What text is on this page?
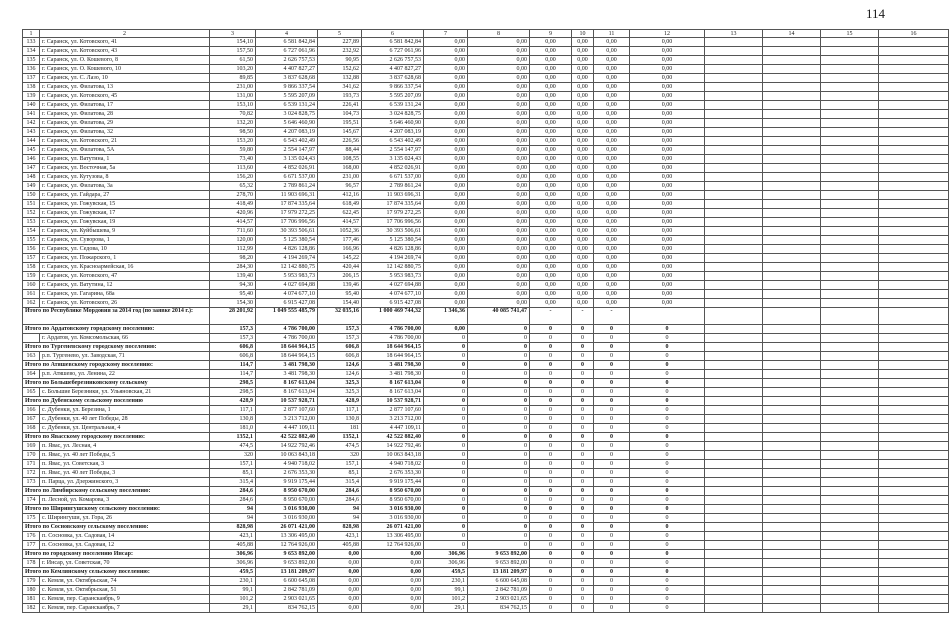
114
1	2	3	4	5	6	7	8	9	10	11	12	13	14	15	16
133	г. Саранск, ул. Котовского, 41	154,10	6 581 842,84	227,89	6 581 842,84	0,00	0,00	0,00	0,00	0,00	0,00				
134	г. Саранск, ул. Котовского, 43	157,50	6 727 061,96	232,92	6 727 061,96	0,00	0,00	0,00	0,00	0,00	0,00				
135	г. Саранск, ул. О. Кошевого, 8	61,50	2 626 757,53	90,95	2 626 757,53	0,00	0,00	0,00	0,00	0,00	0,00				
136	г. Саранск, ул. О. Кошевого, 10	103,20	4 407 827,27	152,62	4 407 827,27	0,00	0,00	0,00	0,00	0,00	0,00				
137	г. Саранск, ул. С. Лазо, 10	89,85	3 837 628,68	132,88	3 837 628,68	0,00	0,00	0,00	0,00	0,00	0,00				
138	г. Саранск, ул. Филатова, 13	231,00	9 866 337,54	341,62	9 866 337,54	0,00	0,00	0,00	0,00	0,00	0,00				
139	г. Саранск, ул. Котовского, 45	131,00	5 595 207,09	193,73	5 595 207,09	0,00	0,00	0,00	0,00	0,00	0,00				
140	г. Саранск, ул. Филатова, 17	153,10	6 539 131,24	226,41	6 539 131,24	0,00	0,00	0,00	0,00	0,00	0,00				
141	г. Саранск, ул. Филатова, 28	70,82	3 024 828,75	104,73	3 024 828,75	0,00	0,00	0,00	0,00	0,00	0,00				
142	г. Саранск, ул. Филатова, 29	132,20	5 646 460,90	195,51	5 646 460,90	0,00	0,00	0,00	0,00	0,00	0,00				
143	г. Саранск, ул. Филатова, 32	98,50	4 207 083,19	145,67	4 207 083,19	0,00	0,00	0,00	0,00	0,00	0,00				
144	г. Саранск, ул. Котовского, 21	153,20	6 543 402,49	226,56	6 543 402,49	0,00	0,00	0,00	0,00	0,00	0,00				
145	г. Саранск, ул. Филатова, 5А	59,80	2 554 147,97	88,44	2 554 147,97	0,00	0,00	0,00	0,00	0,00	0,00				
146	г. Саранск, ул. Ватутина, 1	73,40	3 135 024,43	108,55	3 135 024,43	0,00	0,00	0,00	0,00	0,00	0,00				
147	г. Саранск, ул. Восточная, 5а	113,60	4 852 026,91	168,00	4 852 026,91	0,00	0,00	0,00	0,00	0,00	0,00				
148	г. Саранск, ул. Кутузова, 8	156,20	6 671 537,00	231,00	6 671 537,00	0,00	0,00	0,00	0,00	0,00	0,00				
149	г. Саранск, ул. Филатова, 3а	65,32	2 789 861,24	96,57	2 789 861,24	0,00	0,00	0,00	0,00	0,00	0,00				
150	г. Саранск, ул. Гайдара, 27	278,70	11 903 696,31	412,16	11 903 696,31	0,00	0,00	0,00	0,00	0,00	0,00				
151	г. Саранск, ул. Гожувская, 15	418,49	17 874 335,64	618,49	17 874 335,64	0,00	0,00	0,00	0,00	0,00	0,00				
152	г. Саранск, ул. Гожувская, 17	420,96	17 979 272,25	622,45	17 979 272,25	0,00	0,00	0,00	0,00	0,00	0,00				
153	г. Саранск, ул. Гожувская, 19	414,57	17 706 996,56	414,57	17 706 996,56	0,00	0,00	0,00	0,00	0,00	0,00				
154	г. Саранск, ул. Куйбышева, 9	711,60	30 393 506,61	1052,36	30 393 506,61	0,00	0,00	0,00	0,00	0,00	0,00				
155	г. Саранск, ул. Суворова, 1	120,00	5 125 380,54	177,46	5 125 380,54	0,00	0,00	0,00	0,00	0,00	0,00				
156	г. Саранск, ул. Седова, 10	112,99	4 826 128,86	166,96	4 826 128,86	0,00	0,00	0,00	0,00	0,00	0,00				
157	г. Саранск, ул. Пожарского, 1	98,20	4 194 269,74	145,22	4 194 269,74	0,00	0,00	0,00	0,00	0,00	0,00				
158	г. Саранск, ул. Красноармейская, 16	284,30	12 142 880,75	420,44	12 142 880,75	0,00	0,00	0,00	0,00	0,00	0,00				
159	г. Саранск, ул. Котовского, 47	139,40	5 953 983,73	206,15	5 953 983,73	0,00	0,00	0,00	0,00	0,00	0,00				
160	г. Саранск, ул. Ватутина, 12	94,30	4 027 694,88	139,46	4 027 694,88	0,00	0,00	0,00	0,00	0,00	0,00				
161	г. Саранск, ул. Гагарина, 68а	95,40	4 074 677,10	95,40	4 074 677,10	0,00	0,00	0,00	0,00	0,00	0,00				
162	г. Саранск, ул. Котовского, 26	154,30	6 915 427,08	154,40	6 915 427,08	0,00	0,00	0,00	0,00	0,00	0,00				
Итого по Республике Мордовия за 2014 год (по заявке 2014 г.):		28 201,92	1 049 555 485,79	32 035,16	1 000 469 744,32	1 346,36	40 085 741,47	-	-	-					
Итого по Ардатовскому городскому поселению:		157,3	4 786 700,00	157,3	4 786 700,00	0,00	0	0	0	0	0				
	г. Ардатов, ул. Комсомольская, 66	157,3	4 786 700,00	157,3	4 786 700,00	0	0	0	0	0	0				
Итого по Тургеневскому городскому поселению:		606,8	18 644 964,15	606,8	18 644 964,15	0	0	0	0	0	0				
163	р.п. Тургенево, ул. Заводская, 71	606,8	18 644 964,15	606,8	18 644 964,15	0	0	0	0	0	0				
Итого по Атяшевскому городскому поселению:		114,7	3 481 798,30	124,6	3 481 798,30	0	0	0	0	0	0				
164	р.п. Атяшево, ул. Ленина, 22	114,7	3 481 798,30	124,6	3 481 798,30	0	0	0	0	0	0				
Итого по Большеберезниковскому сельскому		298,5	8 167 613,04	325,3	8 167 613,04	0	0	0	0	0	0				
165	с. Большие Березники, ул. Ульяновская, 21	298,5	8 167 613,04	325,3	8 167 613,04	0	0	0	0	0	0				
Итого по Дубенскому сельскому поселению		428,9	10 537 928,71	428,9	10 537 928,71	0	0	0	0	0	0				
166	с. Дубенки, ул. Березина, 1	117,1	2 877 107,60	117,1	2 877 107,60	0	0	0	0	0	0				
167	с. Дубенки, ул. 40 лет Победы, 28	130,8	3 213 712,00	130,8	3 213 712,00	0	0	0	0	0	0				
168	с. Дубенки, ул. Центральная, 4	181,0	4 447 109,11	181	4 447 109,11	0	0	0	0	0	0				
Итого по Явасскому городскому поселению:		1352,1	42 522 882,40	1352,1	42 522 882,40	0	0	0	0	0	0				
169	п. Явас, ул. Лесная, 4	474,5	14 922 792,46	474,5	14 922 792,46	0	0	0	0	0	0				
170	п. Явас, ул. 40 лет Победы, 5	320	10 063 843,18	320	10 063 843,18	0	0	0	0	0	0				
171	п. Явас, ул. Советская, 3	157,1	4 940 718,02	157,1	4 940 718,02	0	0	0	0	0	0				
172	п. Явас, ул. 40 лет Победы, 3	85,1	2 676 353,30	85,1	2 676 353,30	0	0	0	0	0	0				
173	п. Парца, ул. Дзержинского, 3	315,4	9 919 175,44	315,4	9 919 175,44	0	0	0	0	0	0				
Итого по Лямбирскому сельскому поселению:		284,6	8 950 670,00	284,6	8 950 670,00	0	0	0	0	0	0				
174	п. Лесной, ул. Комарова, 3	284,6	8 950 670,00	284,6	8 950 670,00	0	0	0	0	0	0				
Итого по Ширингушскому сельскому поселению:		94	3 016 930,00	94	3 016 930,00	0	0	0	0	0	0				
175	с. Ширингуши, ул. Гора, 26	94	3 016 930,00	94	3 016 930,00	0	0	0	0	0	0				
Итого по Сосновскому сельскому поселению:		828,98	26 071 421,00	828,98	26 071 421,00	0	0	0	0	0	0				
176	п. Сосновка, ул. Садовая, 14	423,1	13 306 495,00	423,1	13 306 495,00	0	0	0	0	0	0				
177	п. Сосновка, ул. Садовая, 12	405,88	12 764 926,00	405,88	12 764 926,00	0	0	0	0	0	0				
Итого по городскому поселению Инсар:		306,96	9 653 892,00	0,00	0,00	306,96	9 653 892,00	0	0	0	0				
178	г. Инсар, ул. Советская, 70	306,96	9 653 892,00	0,00	0,00	306,96	9 653 892,00	0	0	0	0				
Итого по Кемлянскому сельскому поселению:		459,5	13 181 209,97	0,00	0,00	459,5	13 181 209,97	0	0	0	0				
179	с. Кемля, ул. Октябрьская, 74	230,1	6 600 645,08	0,00	0,00	230,1	6 600 645,08	0	0	0	0				
180	с. Кемля, ул. Октябрьская, 51	99,1	2 842 781,09	0,00	0,00	99,1	2 842 781,09	0	0	0	0				
181	с. Кемля, пер. Саранскаябрь, 9	101,2	2 903 021,65	0,00	0,00	101,2	2 903 021,65	0	0	0	0				
182	с. Кемля, пер. Саранскаябрь, 7	29,1	834 762,15	0,00	0,00	29,1	834 762,15	0	0	0	0				
